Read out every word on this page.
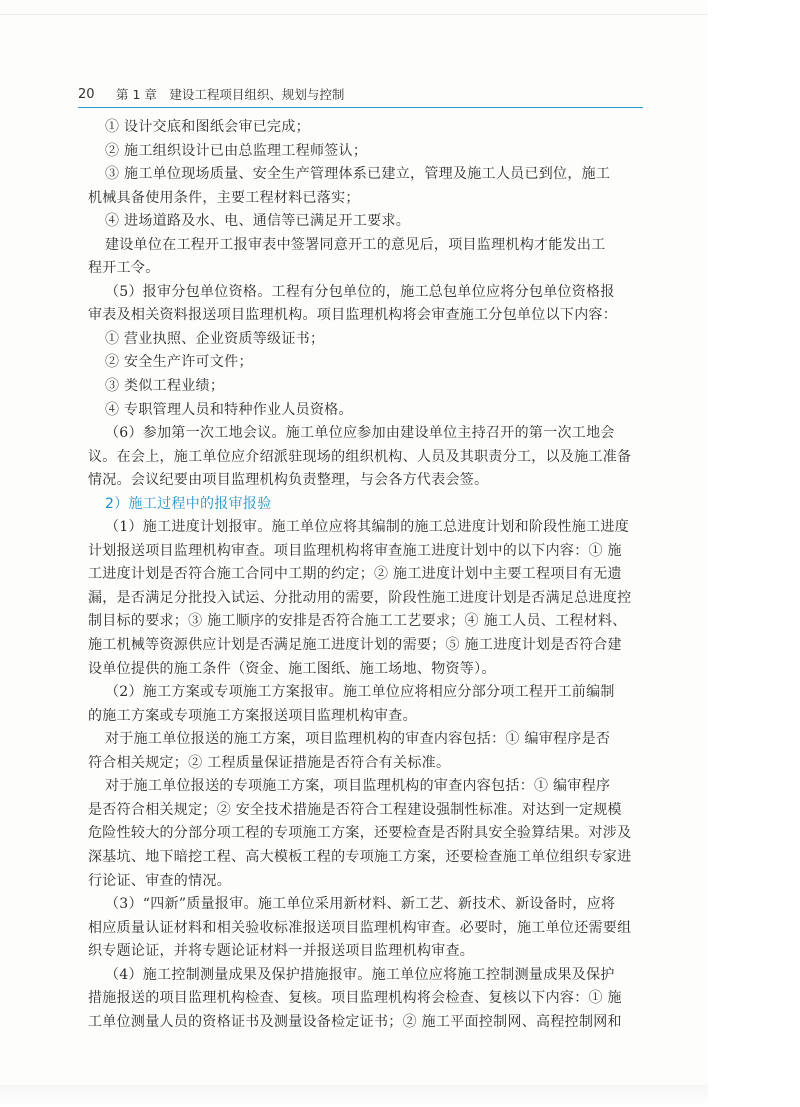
20 第 1 章　建设工程项目组织、规划与控制
① 设计交底和图纸会审已完成；
② 施工组织设计已由总监理工程师签认；
③ 施工单位现场质量、安全生产管理体系已建立，管理及施工人员已到位，施工
机械具备使用条件，主要工程材料已落实；
④ 进场道路及水、电、通信等已满足开工要求。
建设单位在工程开工报审表中签署同意开工的意见后，项目监理机构才能发出工
程开工令。
（5）报审分包单位资格。工程有分包单位的，施工总包单位应将分包单位资格报
审表及相关资料报送项目监理机构。项目监理机构将会审查施工分包单位以下内容：
① 营业执照、企业资质等级证书；
② 安全生产许可文件；
③ 类似工程业绩；
④ 专职管理人员和特种作业人员资格。
（6）参加第一次工地会议。施工单位应参加由建设单位主持召开的第一次工地会
议。在会上，施工单位应介绍派驻现场的组织机构、人员及其职责分工，以及施工准备
情况。会议纪要由项目监理机构负责整理，与会各方代表会签。
2）施工过程中的报审报验
（1）施工进度计划报审。施工单位应将其编制的施工总进度计划和阶段性施工进度
计划报送项目监理机构审查。项目监理机构将审查施工进度计划中的以下内容：① 施
工进度计划是否符合施工合同中工期的约定；② 施工进度计划中主要工程项目有无遗
漏，是否满足分批投入试运、分批动用的需要，阶段性施工进度计划是否满足总进度控
制目标的要求；③ 施工顺序的安排是否符合施工工艺要求；④ 施工人员、工程材料、
施工机械等资源供应计划是否满足施工进度计划的需要；⑤ 施工进度计划是否符合建
设单位提供的施工条件（资金、施工图纸、施工场地、物资等）。
（2）施工方案或专项施工方案报审。施工单位应将相应分部分项工程开工前编制
的施工方案或专项施工方案报送项目监理机构审查。
对于施工单位报送的施工方案，项目监理机构的审查内容包括：① 编审程序是否
符合相关规定；② 工程质量保证措施是否符合有关标准。
对于施工单位报送的专项施工方案，项目监理机构的审查内容包括：① 编审程序
是否符合相关规定；② 安全技术措施是否符合工程建设强制性标准。对达到一定规模
危险性较大的分部分项工程的专项施工方案，还要检查是否附具安全验算结果。对涉及
深基坑、地下暗挖工程、高大模板工程的专项施工方案，还要检查施工单位组织专家进
行论证、审查的情况。
（3）“四新”质量报审。施工单位采用新材料、新工艺、新技术、新设备时，应将
相应质量认证材料和相关验收标准报送项目监理机构审查。必要时，施工单位还需要组
织专题论证，并将专题论证材料一并报送项目监理机构审查。
（4）施工控制测量成果及保护措施报审。施工单位应将施工控制测量成果及保护
措施报送的项目监理机构检查、复核。项目监理机构将会检查、复核以下内容：① 施
工单位测量人员的资格证书及测量设备检定证书；② 施工平面控制网、高程控制网和
